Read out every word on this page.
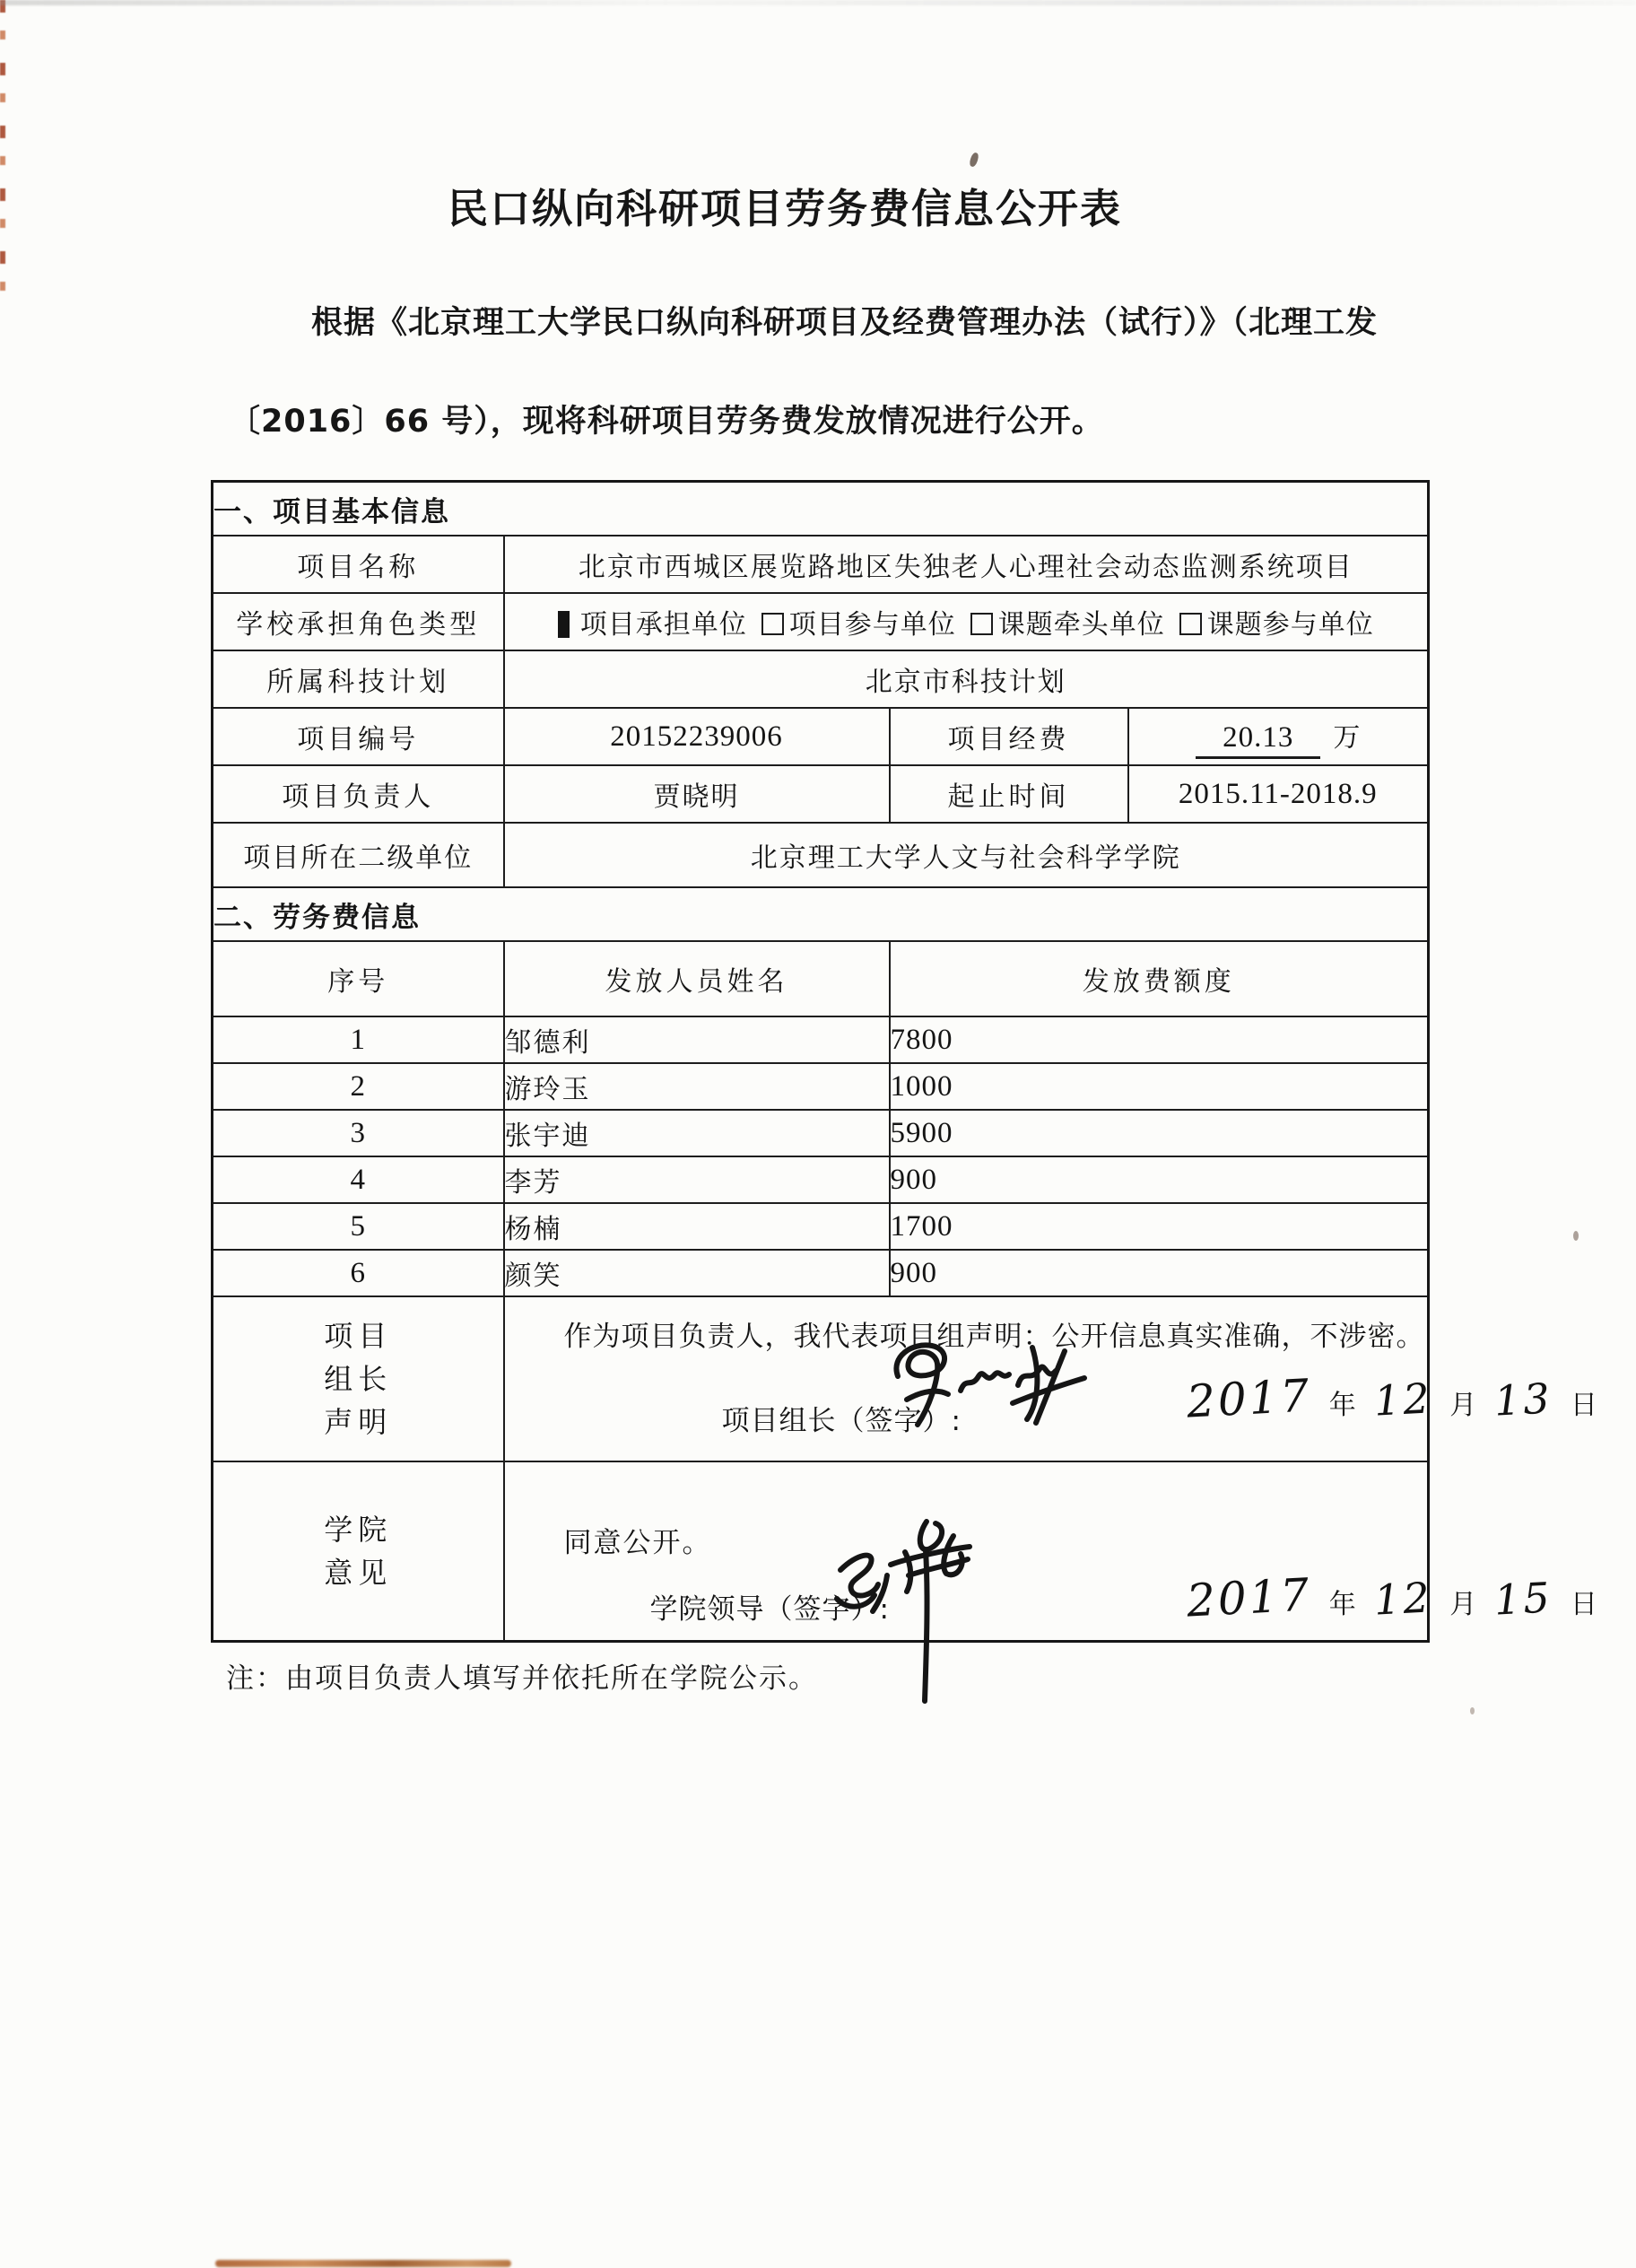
民口纵向科研项目劳务费信息公开表
根据《北京理工大学民口纵向科研项目及经费管理办法（试行）》（北理工发
〔2016〕66 号），现将科研项目劳务费发放情况进行公开。
一、项目基本信息			
项目名称	北京市西城区展览路地区失独老人心理社会动态监测系统项目		
学校承担角色类型	项目承担单位 项目参与单位 课题牵头单位 课题参与单位		
所属科技计划	北京市科技计划		
项目编号	20152239006	项目经费	20.13 万
项目负责人	贾晓明	起止时间	2015.11-2018.9
项目所在二级单位	北京理工大学人文与社会科学学院		
二、劳务费信息			
序号	发放人员姓名	发放费额度	
1	邹德利	7800	
2	游玲玉	1000	
3	张宇迪	5900	
4	李芳	900	
5	杨楠	1700	
6	颜笑	900	

项目
组长
声明

作为项目负责人，我代表项目组声明：公开信息真实准确，不涉密。
项目组长（签字）:	2017 年 12 月 13 日

学院
意见

同意公开。
学院领导（签字）:	2017 年 12 月 15 日
注：由项目负责人填写并依托所在学院公示。
